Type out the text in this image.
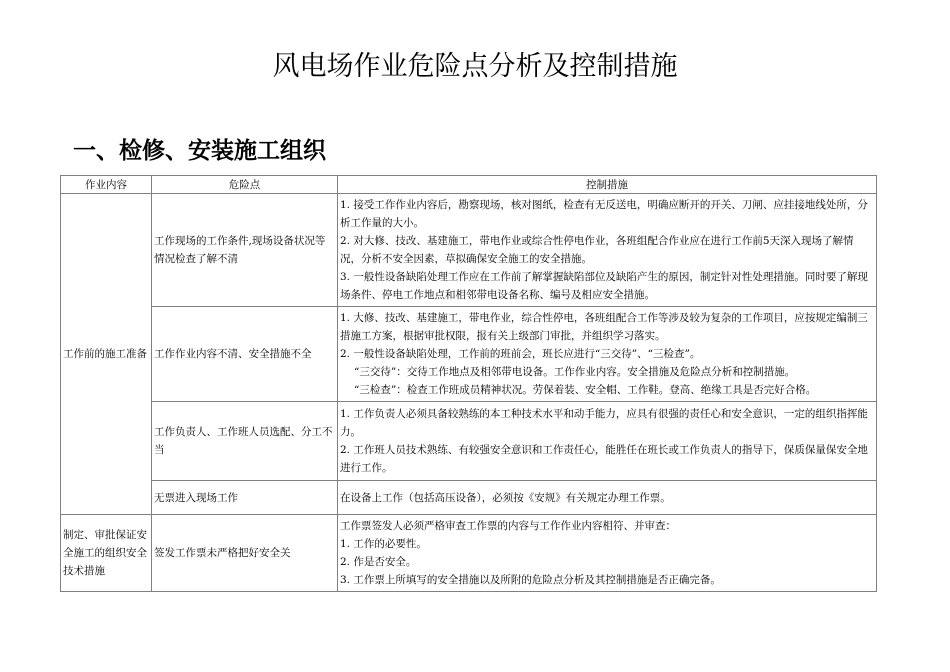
风电场作业危险点分析及控制措施
一、检修、安装施工组织
作业内容	危险点	控制措施
工作前的施工准备	工作现场的工作条件,现场设备状况等情况检查了解不清	1. 接受工作作业内容后，勘察现场，核对图纸，检查有无反送电，明确应断开的开关、刀闸、应挂接地线处所，分析工作量的大小。
2. 对大修、技改、基建施工，带电作业或综合性停电作业，各班组配合作业应在进行工作前5天深入现场了解情况，分析不安全因素，草拟确保安全施工的安全措施。
3. 一般性设备缺陷处理工作应在工作前了解掌握缺陷部位及缺陷产生的原因，制定针对性处理措施。同时要了解现场条件、停电工作地点和相邻带电设备名称、编号及相应安全措施。

	工作作业内容不清、安全措施不全	1. 大修、技改、基建施工，带电作业，综合性停电，各班组配合工作等涉及较为复杂的工作项目，应按规定编制三措施工方案，根据审批权限，报有关上级部门审批，并组织学习落实。
2. 一般性设备缺陷处理，工作前的班前会，班长应进行“三交待”、“三检查”。
“三交待”：交待工作地点及相邻带电设备。工作作业内容。安全措施及危险点分析和控制措施。
“三检查”：检查工作班成员精神状况。劳保着装、安全帽、工作鞋。登高、绝缘工具是否完好合格。

	工作负责人、工作班人员选配、分工不当	1. 工作负责人必须具备较熟练的本工种技术水平和动手能力，应具有很强的责任心和安全意识，一定的组织指挥能力。
2. 工作班人员技术熟练、有较强安全意识和工作责任心，能胜任在班长或工作负责人的指导下，保质保量保安全地进行工作。

	无票进入现场工作	在设备上工作（包括高压设备），必须按《安规》有关规定办理工作票。

制定、审批保证安全施工的组织安全技术措施	签发工作票未严格把好安全关	工作票签发人必须严格审查工作票的内容与工作作业内容相符、并审查：
1. 工作的必要性。
2. 作是否安全。
3. 工作票上所填写的安全措施以及所附的危险点分析及其控制措施是否正确完备。
